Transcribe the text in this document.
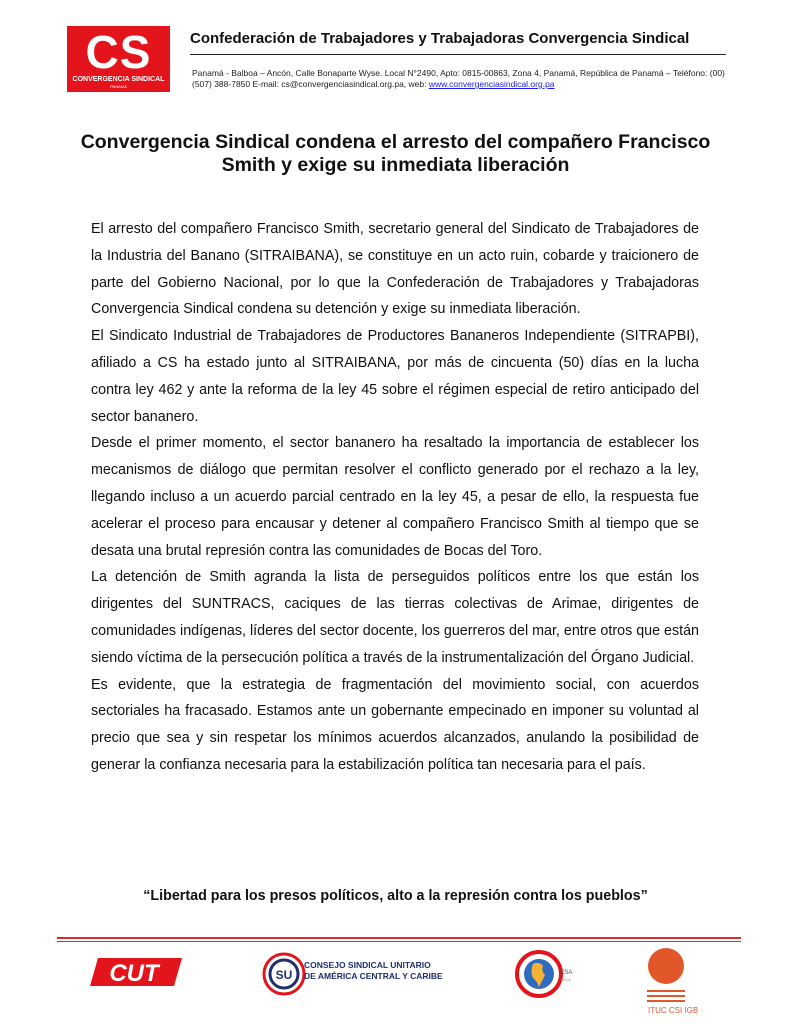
CS
CONVERGENCIA SINDICAL
PANAMÁ
Confederación de Trabajadores y Trabajadoras Convergencia Sindical
Panamá - Balboa – Ancón, Calle Bonaparte Wyse. Local N°2490, Apto: 0815-00863, Zona 4, Panamá, República de Panamá – Teléfono: (00)
(507) 388-7850 E-mail: cs@convergenciasindical.org.pa, web: www.convergenciasindical.org.pa
Convergencia Sindical condena el arresto del compañero Francisco Smith y exige su inmediata liberación

El arresto del compañero Francisco Smith, secretario general del Sindicato de Trabajadores de la Industria del Banano (SITRAIBANA), se constituye en un acto ruin, cobarde y traicionero de parte del Gobierno Nacional, por lo que la Confederación de Trabajadores y Trabajadoras Convergencia Sindical condena su detención y exige su inmediata liberación.

El Sindicato Industrial de Trabajadores de Productores Bananeros Independiente (SITRAPBI), afiliado a CS ha estado junto al SITRAIBANA, por más de cincuenta (50) días en la lucha contra ley 462 y ante la reforma de la ley 45 sobre el régimen especial de retiro anticipado del sector bananero.

Desde el primer momento, el sector bananero ha resaltado la importancia de establecer los mecanismos de diálogo que permitan resolver el conflicto generado por el rechazo a la ley, llegando incluso a un acuerdo parcial centrado en la ley 45, a pesar de ello, la respuesta fue acelerar el proceso para encausar y detener al compañero Francisco Smith al tiempo que se desata una brutal represión contra las comunidades de Bocas del Toro.

La detención de Smith agranda la lista de perseguidos políticos entre los que están los dirigentes del SUNTRACS, caciques de las tierras colectivas de Arimae, dirigentes de comunidades indígenas, líderes del sector docente, los guerreros del mar, entre otros que están siendo víctima de la persecución política a través de la instrumentalización del Órgano Judicial.

Es evidente, que la estrategia de fragmentación del movimiento social, con acuerdos sectoriales ha fracasado. Estamos ante un gobernante empecinado en imponer su voluntad al precio que sea y sin respetar los mínimos acuerdos alcanzados, anulando la posibilidad de generar la confianza necesaria para la estabilización política tan necesaria para el país.

“Libertad para los presos políticos, alto a la represión contra los pueblos”
CUT	SU
CONSEJO SINDICAL UNITARIO
DE AMÉRICA CENTRAL Y CARIBE	CSA
TUCA
ITUC CSI IGB
